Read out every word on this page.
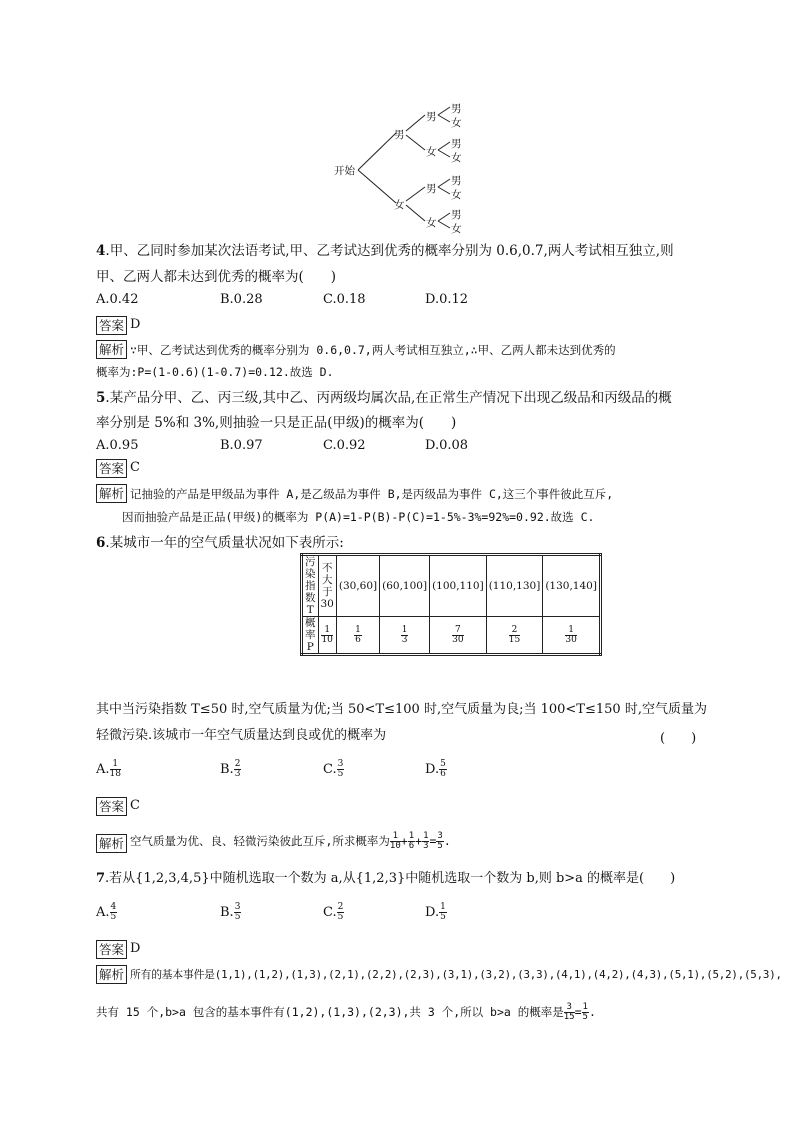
开始
男
女
男
女
男
女
男
女
男
女
男
女
男
女
4.甲、乙同时参加某次法语考试,甲、乙考试达到优秀的概率分别为 0.6,0.7,两人考试相互独立,则
甲、乙两人都未达到优秀的概率为(　　)
A.0.42	B.0.28	C.0.18	D.0.12
答案 D
解析 ∵甲、乙考试达到优秀的概率分别为 0.6,0.7,两人考试相互独立,∴甲、乙两人都未达到优秀的
概率为:P=(1-0.6)(1-0.7)=0.12.故选 D.
5.某产品分甲、乙、丙三级,其中乙、丙两级均属次品,在正常生产情况下出现乙级品和丙级品的概
率分别是 5%和 3%,则抽验一只是正品(甲级)的概率为(　　)
A.0.95	B.0.97	C.0.92	D.0.08
答案 C
解析 记抽验的产品是甲级品为事件 A,是乙级品为事件 B,是丙级品为事件 C,这三个事件彼此互斥,
因而抽验产品是正品(甲级)的概率为 P(A)=1-P(B)-P(C)=1-5%-3%=92%=0.92.故选 C.
6.某城市一年的空气质量状况如下表所示:
污染指数 T	不大于30	(30,60]	(60,100]	(100,110]	(110,130]	(130,140]
概率P	$\frac{1}{10}$	$\frac{1}{6}$	$\frac{1}{3}$	$\frac{7}{30}$	$\frac{2}{15}$	$\frac{1}{30}$
其中当污染指数 T≤50 时,空气质量为优;当 50<T≤100 时,空气质量为良;当 100<T≤150 时,空气质量为
轻微污染.该城市一年空气质量达到良或优的概率为	(　　)
A. $\frac{1}{18}$	B. $\frac{2}{3}$	C. $\frac{3}{5}$	D. $\frac{5}{6}$
答案 C
解析 空气质量为优、良、轻微污染彼此互斥,所求概率为 $\frac{1}{10} + \frac{1}{6} + \frac{1}{3} = \frac{3}{5}$ .
7.若从{1,2,3,4,5}中随机选取一个数为 a,从{1,2,3}中随机选取一个数为 b,则 b>a 的概率是(　　)
A. $\frac{4}{5}$	B. $\frac{3}{5}$	C. $\frac{2}{5}$	D. $\frac{1}{5}$
答案 D
解析 所有的基本事件是(1,1),(1,2),(1,3),(2,1),(2,2),(2,3),(3,1),(3,2),(3,3),(4,1),(4,2),(4,3),(5,1),(5,2),(5,3),
共有 15 个,b>a 包含的基本事件有(1,2),(1,3),(2,3),共 3 个,所以 b>a 的概率是 $\frac{3}{15} = \frac{1}{5}$ .
